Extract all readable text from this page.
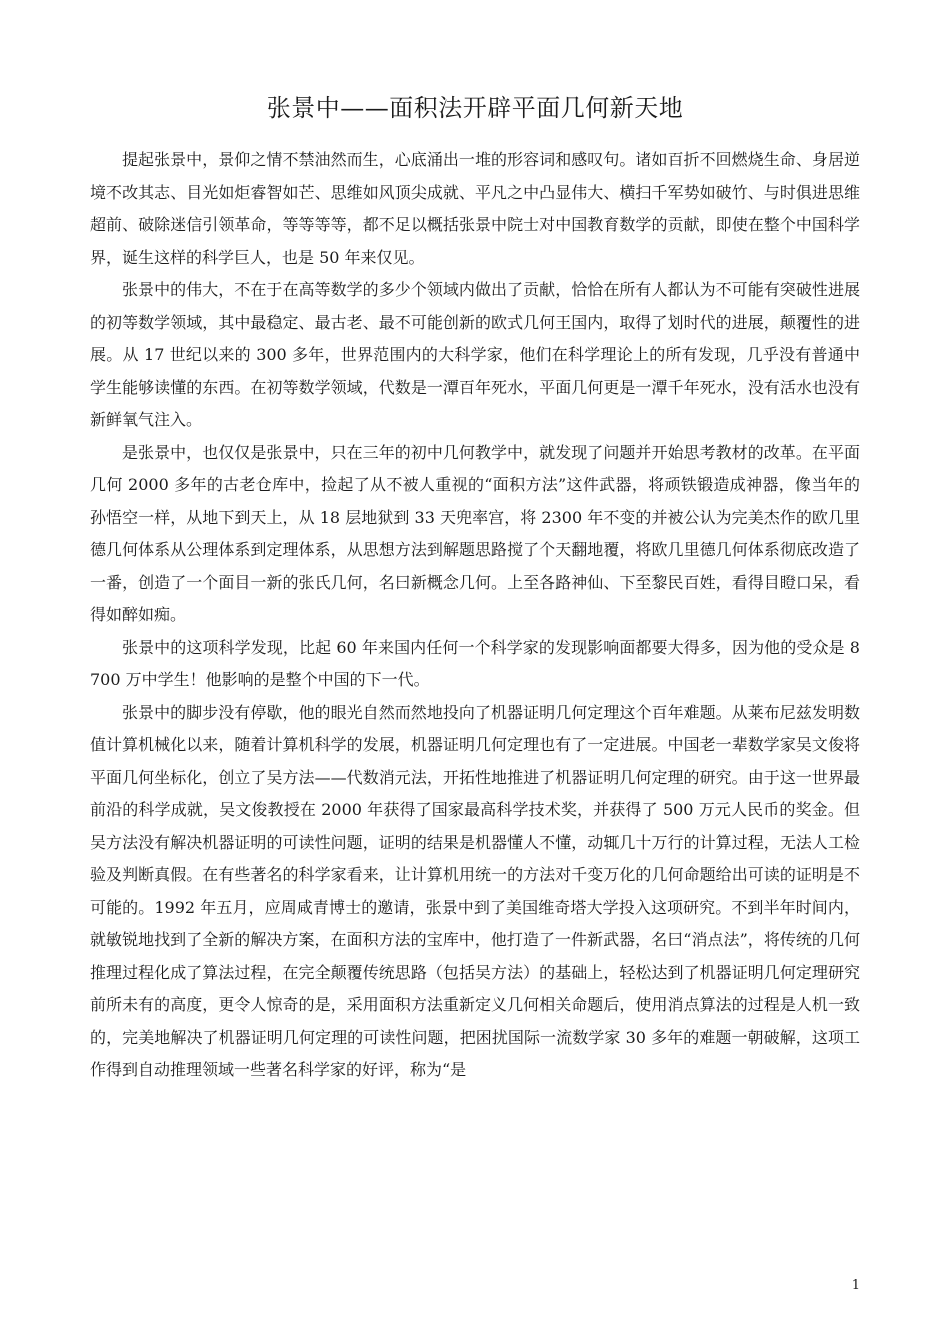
张景中——面积法开辟平面几何新天地

提起张景中，景仰之情不禁油然而生，心底涌出一堆的形容词和感叹句。诸如百折不回燃烧生命、身居逆境不改其志、目光如炬睿智如芒、思维如风顶尖成就、平凡之中凸显伟大、横扫千军势如破竹、与时俱进思维超前、破除迷信引领革命，等等等等，都不足以概括张景中院士对中国教育数学的贡献，即使在整个中国科学界，诞生这样的科学巨人，也是 50 年来仅见。

张景中的伟大，不在于在高等数学的多少个领域内做出了贡献，恰恰在所有人都认为不可能有突破性进展的初等数学领域，其中最稳定、最古老、最不可能创新的欧式几何王国内，取得了划时代的进展，颠覆性的进展。从 17 世纪以来的 300 多年，世界范围内的大科学家，他们在科学理论上的所有发现，几乎没有普通中学生能够读懂的东西。在初等数学领域，代数是一潭百年死水，平面几何更是一潭千年死水，没有活水也没有新鲜氧气注入。

是张景中，也仅仅是张景中，只在三年的初中几何教学中，就发现了问题并开始思考教材的改革。在平面几何 2000 多年的古老仓库中，捡起了从不被人重视的“面积方法”这件武器，将顽铁锻造成神器，像当年的孙悟空一样，从地下到天上，从 18 层地狱到 33 天兜率宫，将 2300 年不变的并被公认为完美杰作的欧几里德几何体系从公理体系到定理体系，从思想方法到解题思路搅了个天翻地覆，将欧几里德几何体系彻底改造了一番，创造了一个面目一新的张氏几何，名曰新概念几何。上至各路神仙、下至黎民百姓，看得目瞪口呆，看得如醉如痴。

张景中的这项科学发现，比起 60 年来国内任何一个科学家的发现影响面都要大得多，因为他的受众是 8700 万中学生！他影响的是整个中国的下一代。

张景中的脚步没有停歇，他的眼光自然而然地投向了机器证明几何定理这个百年难题。从莱布尼兹发明数值计算机械化以来，随着计算机科学的发展，机器证明几何定理也有了一定进展。中国老一辈数学家吴文俊将平面几何坐标化，创立了吴方法——代数消元法，开拓性地推进了机器证明几何定理的研究。由于这一世界最前沿的科学成就，吴文俊教授在 2000 年获得了国家最高科学技术奖，并获得了 500 万元人民币的奖金。但吴方法没有解决机器证明的可读性问题，证明的结果是机器懂人不懂，动辄几十万行的计算过程，无法人工检验及判断真假。在有些著名的科学家看来，让计算机用统一的方法对千变万化的几何命题给出可读的证明是不可能的。1992 年五月，应周咸青博士的邀请，张景中到了美国维奇塔大学投入这项研究。不到半年时间内，就敏锐地找到了全新的解决方案，在面积方法的宝库中，他打造了一件新武器，名曰“消点法”，将传统的几何推理过程化成了算法过程，在完全颠覆传统思路（包括吴方法）的基础上，轻松达到了机器证明几何定理研究前所未有的高度，更令人惊奇的是，采用面积方法重新定义几何相关命题后，使用消点算法的过程是人机一致的，完美地解决了机器证明几何定理的可读性问题，把困扰国际一流数学家 30 多年的难题一朝破解，这项工作得到自动推理领域一些著名科学家的好评，称为“是

1
